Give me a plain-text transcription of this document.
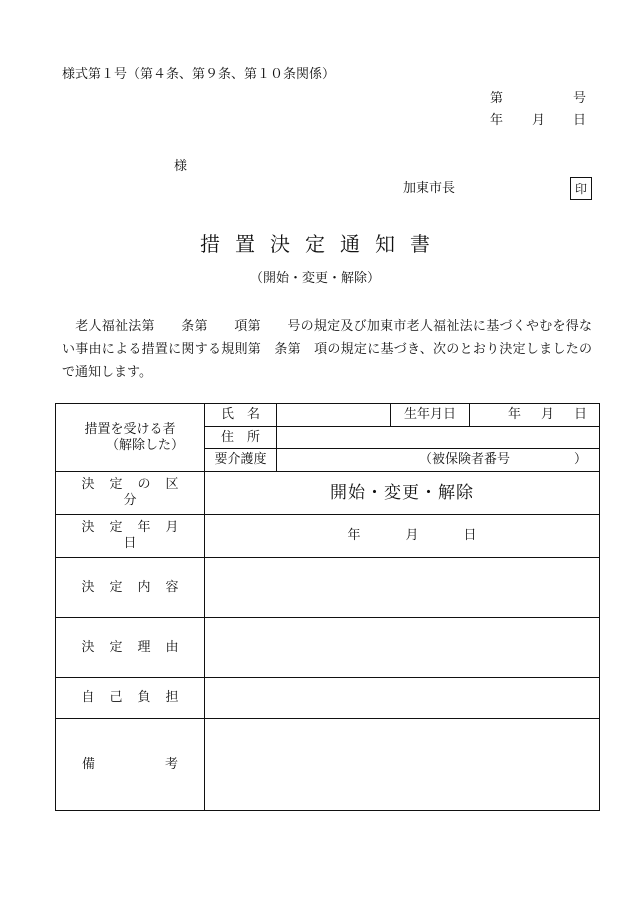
様式第１号（第４条、第９条、第１０条関係）
第	号
年 月 日
様
加東市長	印
措置決定通知書
（開始・変更・解除）
　老人福祉法第　　条第　　項第　　号の規定及び加東市老人福祉法に基づくやむを得ない事由による措置に関する規則第　条第　項の規定に基づき、次のとおり決定しましたので通知します。
措置を受ける者
（解除した）	氏　名		生年月日	年 月 日

	住　所			
	要介護度	（被保険者番号 ）		

決定の区分	開始・変更・解除			
決定年月日	年 月 日			

決定内容				
決定理由				
自己負担				

備 考				
